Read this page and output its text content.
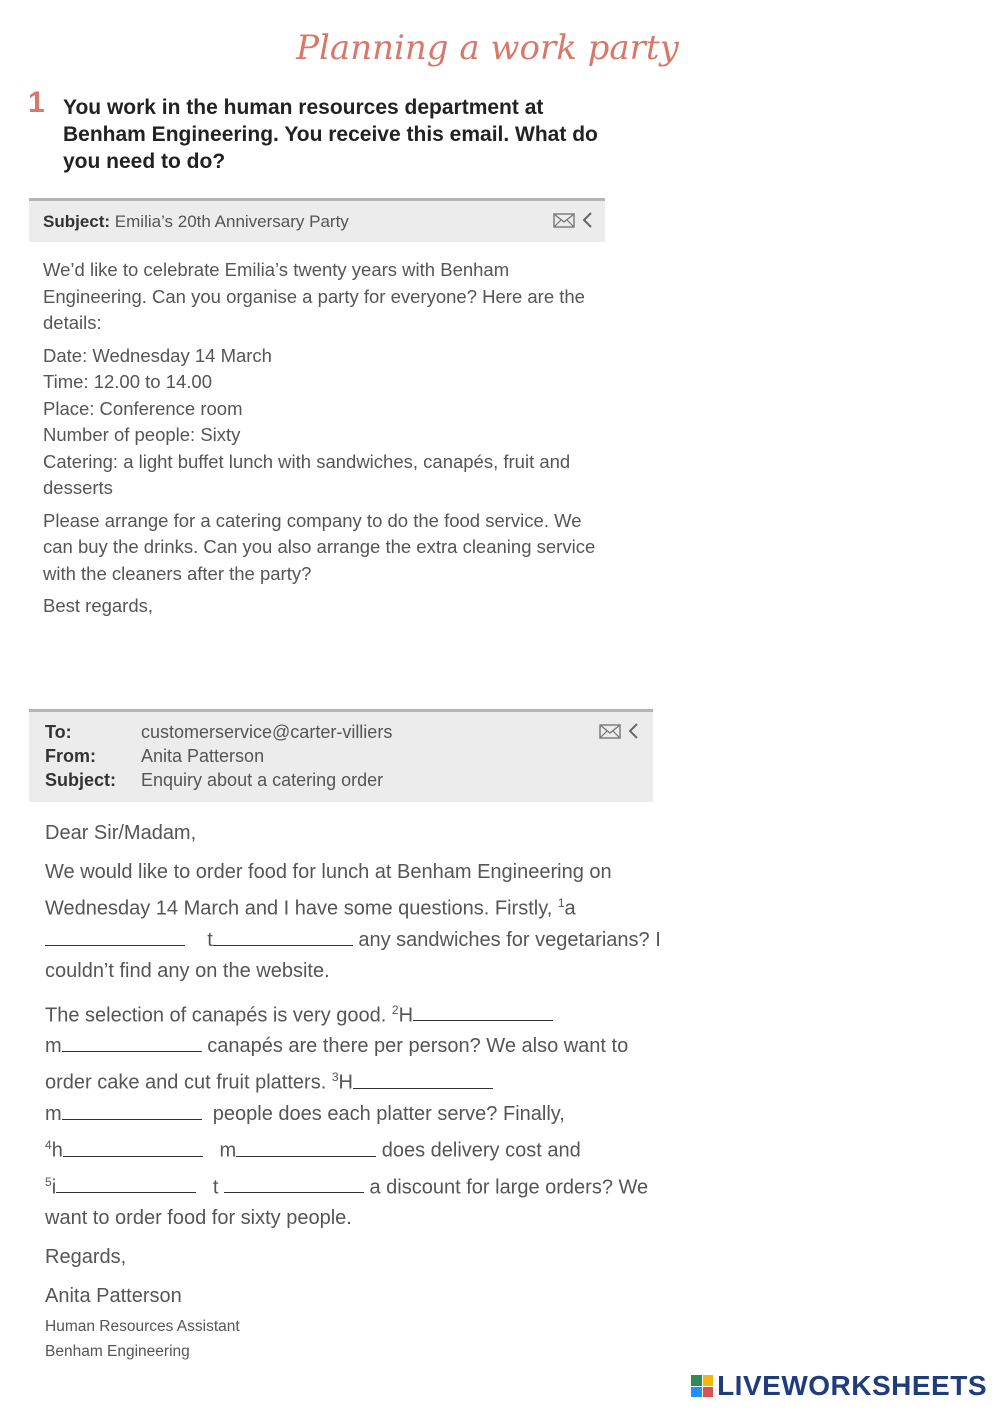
Planning a work party
1 You work in the human resources department at Benham Engineering. You receive this email. What do you need to do?
Subject: Emilia’s 20th Anniversary Party

We’d like to celebrate Emilia’s twenty years with Benham Engineering. Can you organise a party for everyone? Here are the details:

Date: Wednesday 14 March
Time: 12.00 to 14.00
Place: Conference room
Number of people: Sixty
Catering: a light buffet lunch with sandwiches, canapés, fruit and desserts

Please arrange for a catering company to do the food service. We can buy the drinks. Can you also arrange the extra cleaning service with the cleaners after the party?

Best regards,

To:	customerservice@carter-villiers
From:	Anita Patterson
Subject: Enquiry about a catering order

Dear Sir/Madam,

We would like to order food for lunch at Benham Engineering on Wednesday 14 March and I have some questions. Firstly, $^1$a    t	any sandwiches for vegetarians? I couldn’t find any on the website.

The selection of canapés is very good. $^2$H
m	canapés are there per person? We also want to order cake and cut fruit platters. $^3$H
m	people does each platter serve? Finally,
$^4$h	m	does delivery cost and
$^5$i	t	a discount for large orders? We want to order food for sixty people.

Regards,

Anita Patterson

Human Resources Assistant
Benham Engineering
LIVEWORKSHEETS
